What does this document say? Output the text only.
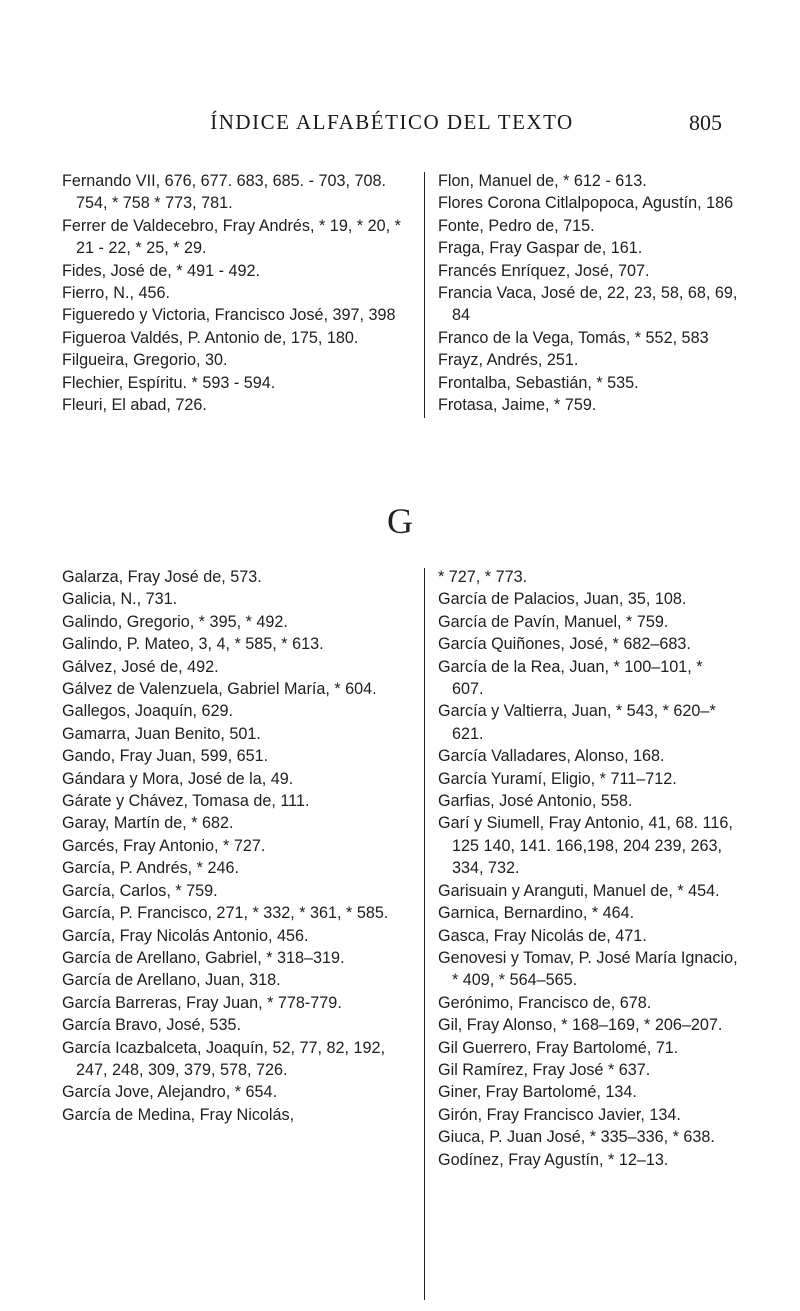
ÍNDICE ALFABÉTICO DEL TEXTO	805

Fernando VII, 676, 677. 683, 685. - 703, 708. 754, * 758 * 773, 781.

Ferrer de Valdecebro, Fray Andrés, * 19, * 20, * 21 - 22, * 25, * 29.

Fides, José de, * 491 - 492.

Fierro, N., 456.

Figueredo y Victoria, Francisco José, 397, 398

Figueroa Valdés, P. Antonio de, 175, 180.

Filgueira, Gregorio, 30.

Flechier, Espíritu. * 593 - 594.

Fleuri, El abad, 726.

Flon, Manuel de, * 612 - 613.

Flores Corona Citlalpopoca, Agustín, 186

Fonte, Pedro de, 715.

Fraga, Fray Gaspar de, 161.

Francés Enríquez, José, 707.

Francia Vaca, José de, 22, 23, 58, 68, 69, 84

Franco de la Vega, Tomás, * 552, 583

Frayz, Andrés, 251.

Frontalba, Sebastián, * 535.

Frotasa, Jaime, * 759.

G

Galarza, Fray José de, 573.

Galicia, N., 731.

Galindo, Gregorio, * 395, * 492.

Galindo, P. Mateo, 3, 4, * 585, * 613.

Gálvez, José de, 492.

Gálvez de Valenzuela, Gabriel María, * 604.

Gallegos, Joaquín, 629.

Gamarra, Juan Benito, 501.

Gando, Fray Juan, 599, 651.

Gándara y Mora, José de la, 49.

Gárate y Chávez, Tomasa de, 111.

Garay, Martín de, * 682.

Garcés, Fray Antonio, * 727.

García, P. Andrés, * 246.

García, Carlos, * 759.

García, P. Francisco, 271, * 332, * 361, * 585.

García, Fray Nicolás Antonio, 456.

García de Arellano, Gabriel, * 318–319.

García de Arellano, Juan, 318.

García Barreras, Fray Juan, * 778-779.

García Bravo, José, 535.

García Icazbalceta, Joaquín, 52, 77, 82, 192, 247, 248, 309, 379, 578, 726.

García Jove, Alejandro, * 654.

García de Medina, Fray Nicolás,

* 727, * 773.

García de Palacios, Juan, 35, 108.

García de Pavín, Manuel, * 759.

García Quiñones, José, * 682–683.

García de la Rea, Juan, * 100–101, * 607.

García y Valtierra, Juan, * 543, * 620–* 621.

García Valladares, Alonso, 168.

García Yuramí, Eligio, * 711–712.

Garfias, José Antonio, 558.

Garí y Siumell, Fray Antonio, 41, 68. 116, 125 140, 141. 166,198, 204 239, 263, 334, 732.

Garisuain y Aranguti, Manuel de, * 454.

Garnica, Bernardino, * 464.

Gasca, Fray Nicolás de, 471.

Genovesi y Tomav, P. José María Ignacio, * 409, * 564–565.

Gerónimo, Francisco de, 678.

Gil, Fray Alonso, * 168–169, * 206–207.

Gil Guerrero, Fray Bartolomé, 71.

Gil Ramírez, Fray José * 637.

Giner, Fray Bartolomé, 134.

Girón, Fray Francisco Javier, 134.

Giuca, P. Juan José, * 335–336, * 638.

Godínez, Fray Agustín, * 12–13.
